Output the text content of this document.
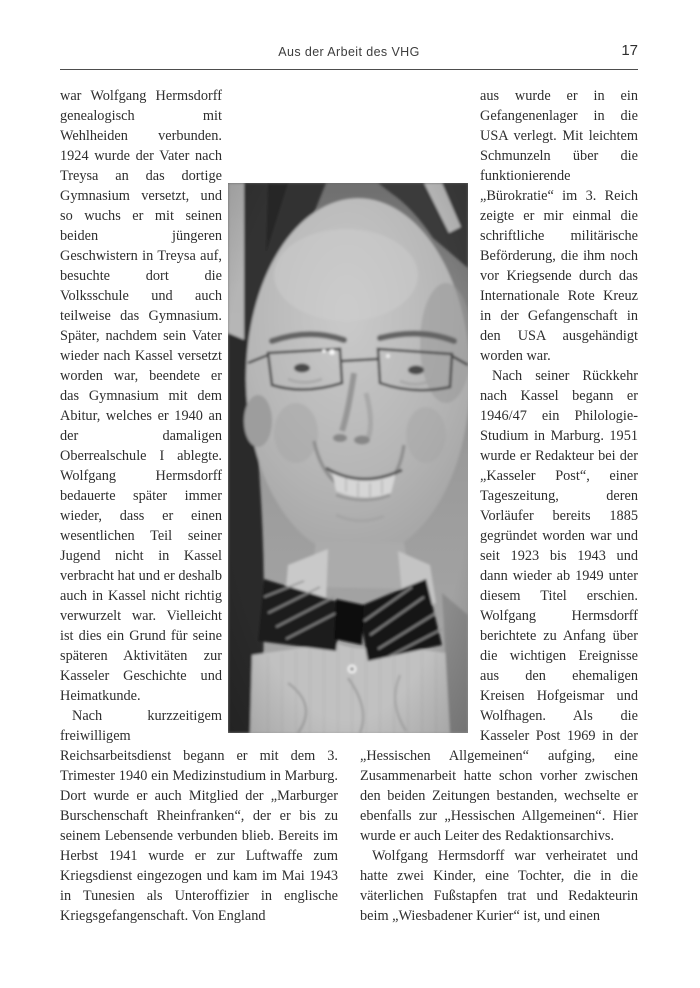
Aus der Arbeit des VHG	17

war Wolfgang Hermsdorff genealogisch mit Wehlheiden verbunden. 1924 wurde der Vater nach Treysa an das dortige Gymnasium versetzt, und so wuchs er mit seinen beiden jüngeren Geschwistern in Treysa auf, besuchte dort die Volksschule und auch teilweise das Gymnasium. Später, nachdem sein Vater wieder nach Kassel versetzt worden war, beendete er das Gymnasium mit dem Abitur, welches er 1940 an der damaligen Oberrealschule I ablegte. Wolfgang Hermsdorff bedauerte später immer wieder, dass er einen wesentlichen Teil seiner Jugend nicht in Kassel verbracht hat und er deshalb auch in Kassel nicht richtig verwurzelt war. Vielleicht ist dies ein Grund für seine späteren Aktivitäten zur Kasseler Geschichte und Heimatkunde.

Nach kurzzeitigem freiwilligem Reichsarbeitsdienst begann er mit dem 3. Trimester 1940 ein Medizinstudium in Marburg. Dort wurde er auch Mitglied der „Marburger Burschenschaft Rheinfranken“, der er bis zu seinem Lebensende verbunden blieb. Bereits im Herbst 1941 wurde er zur Luftwaffe zum Kriegsdienst eingezogen und kam im Mai 1943 in Tunesien als Unteroffizier in englische Kriegsgefangenschaft. Von England

aus wurde er in ein Gefangenenlager in die USA verlegt. Mit leichtem Schmunzeln über die funktionierende „Bürokratie“ im 3. Reich zeigte er mir einmal die schriftliche militärische Beförderung, die ihm noch vor Kriegsende durch das Internationale Rote Kreuz in der Gefangenschaft in den USA ausgehändigt worden war.

Nach seiner Rückkehr nach Kassel begann er 1946/47 ein Philologie-Studium in Marburg. 1951 wurde er Redakteur bei der „Kasseler Post“, einer Tageszeitung, deren Vorläufer bereits 1885 gegründet worden war und seit 1923 bis 1943 und dann wieder ab 1949 unter diesem Titel erschien. Wolfgang Hermsdorff berichtete zu Anfang über die wichtigen Ereignisse aus den ehemaligen Kreisen Hofgeismar und Wolfhagen. Als die Kasseler Post 1969 in der „Hessischen Allgemeinen“ aufging, eine Zusammenarbeit hatte schon vorher zwischen den beiden Zeitungen bestanden, wechselte er ebenfalls zur „Hessischen Allgemeinen“. Hier wurde er auch Leiter des Redaktionsarchivs.

Wolfgang Hermsdorff war verheiratet und hatte zwei Kinder, eine Tochter, die in die väterlichen Fußstapfen trat und Redakteurin beim „Wiesbadener Kurier“ ist, und einen
